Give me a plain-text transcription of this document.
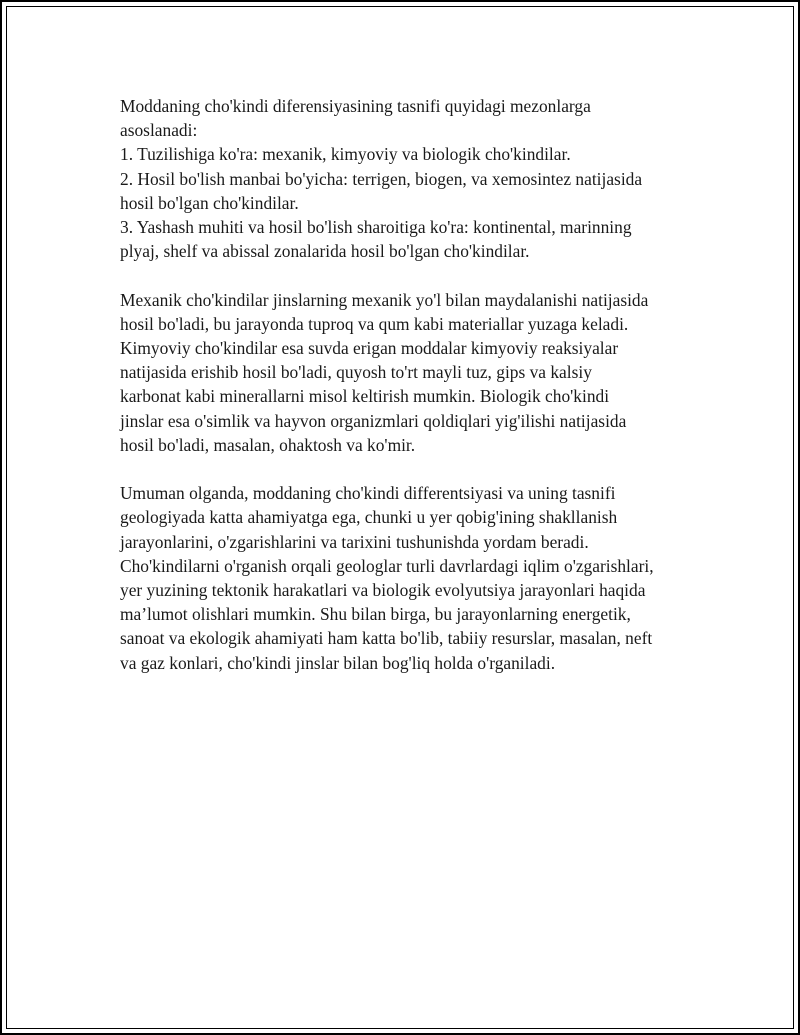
Moddaning cho'kindi diferensiyasining tasnifi quyidagi mezonlarga
asoslanadi:
1. Tuzilishiga ko'ra: mexanik, kimyoviy va biologik cho'kindilar.
2. Hosil bo'lish manbai bo'yicha: terrigen, biogen, va xemosintez natijasida
hosil bo'lgan cho'kindilar.
3. Yashash muhiti va hosil bo'lish sharoitiga ko'ra: kontinental, marinning
plyaj, shelf va abissal zonalarida hosil bo'lgan cho'kindilar.

Mexanik cho'kindilar jinslarning mexanik yo'l bilan maydalanishi natijasida
hosil bo'ladi, bu jarayonda tuproq va qum kabi materiallar yuzaga keladi.
Kimyoviy cho'kindilar esa suvda erigan moddalar kimyoviy reaksiyalar
natijasida erishib hosil bo'ladi, quyosh to'rt mayli tuz, gips va kalsiy
karbonat kabi minerallarni misol keltirish mumkin. Biologik cho'kindi
jinslar esa o'simlik va hayvon organizmlari qoldiqlari yig'ilishi natijasida
hosil bo'ladi, masalan, ohaktosh va ko'mir.

Umuman olganda, moddaning cho'kindi differentsiyasi va uning tasnifi
geologiyada katta ahamiyatga ega, chunki u yer qobig'ining shakllanish
jarayonlarini, o'zgarishlarini va tarixini tushunishda yordam beradi.
Cho'kindilarni o'rganish orqali geologlar turli davrlardagi iqlim o'zgarishlari,
yer yuzining tektonik harakatlari va biologik evolyutsiya jarayonlari haqida
ma’lumot olishlari mumkin. Shu bilan birga, bu jarayonlarning energetik,
sanoat va ekologik ahamiyati ham katta bo'lib, tabiiy resurslar, masalan, neft
va gaz konlari, cho'kindi jinslar bilan bog'liq holda o'rganiladi.
